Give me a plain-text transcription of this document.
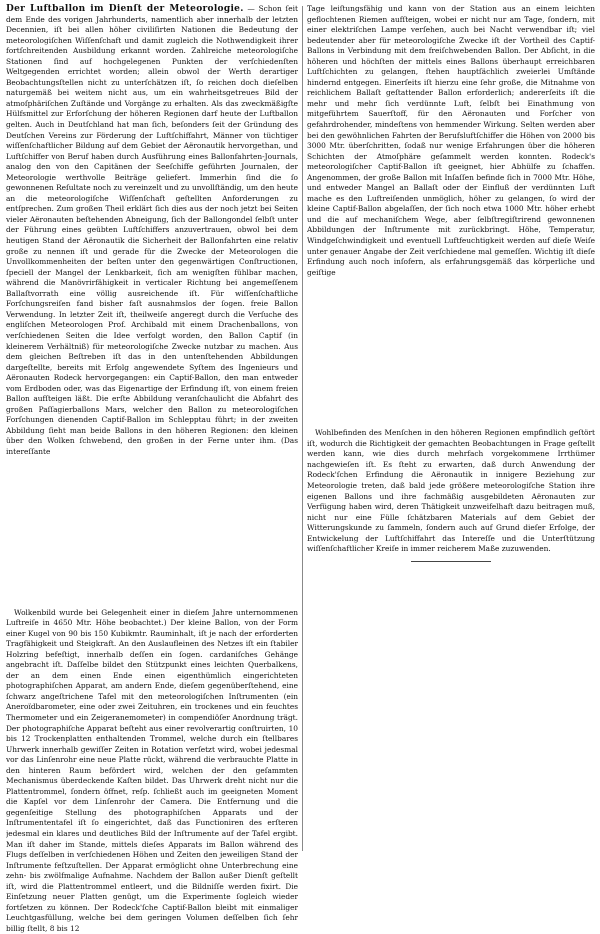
Der Luftballon im Dienſt der Meteorologie. — Schon ſeit dem Ende des vorigen Jahrhunderts, namentlich aber innerhalb der letzten Decennien, iſt bei allen höher civiliſirten Nationen die Bedeutung der meteorologiſchen Wiſſenſchaft und damit zugleich die Nothwendigkeit ihrer fortſchreitenden Ausbildung erkannt worden. Zahlreiche meteorologiſche Stationen ſind auf hochgelegenen Punkten der verſchiedenſten Weltgegenden errichtet worden; allein obwol der Werth derartiger Beobachtungsſtellen nicht zu unterſchätzen iſt, ſo reichen doch dieſelben naturgemäß bei weitem nicht aus, um ein wahrheitsgetreues Bild der atmoſphäriſchen Zuſtände und Vorgänge zu erhalten. Als das zweckmäßigſte Hülfsmittel zur Erforſchung der höheren Regionen darf heute der Luftballon gelten. Auch in Deutſchland hat man ſich, beſonders ſeit der Gründung des Deutſchen Vereins zur Förderung der Luftſchiffahrt, Männer von tüchtiger wiſſenſchaftlicher Bildung auf dem Gebiet der Aëronautik hervorgethan, und Luftſchiffer von Beruf haben durch Ausführung eines Ballonfahrten-Journals, analog den von den Capitänen der Seeſchiffe geführten Journalen, der Meteorologie werthvolle Beiträge geliefert. Immerhin ſind die ſo gewonnenen Reſultate noch zu vereinzelt und zu unvollſtändig, um den heute an die meteorologiſche Wiſſenſchaft geſtellten Anforderungen zu entſprechen. Zum großen Theil erklärt ſich dies aus der noch jetzt bei Seiten vieler Aëronauten beſtehenden Abneigung, ſich der Ballongondel ſelbſt unter der Führung eines geübten Luftſchiffers anzuvertrauen, obwol bei dem heutigen Stand der Aëronautik die Sicherheit der Ballonfahrten eine relativ große zu nennen iſt und gerade für die Zwecke der Meteorologen die Unvollkommenheiten der beſten unter den gegenwärtigen Conſtructionen, ſpeciell der Mangel der Lenkbarkeit, ſich am wenigſten fühlbar machen, während die Manövrirfähigkeit in verticaler Richtung bei angemeſſenem Ballaſtvorrath eine völlig ausreichende iſt. Für wiſſenſchaftliche Forſchungsreiſen fand bisher faſt ausnahmslos der ſogen. freie Ballon Verwendung. In letzter Zeit iſt, theilweiſe angeregt durch die Verſuche des engliſchen Meteorologen Prof. Archibald mit einem Drachenballons, von verſchiedenen Seiten die Idee verfolgt worden, den Ballon Captif (in kleinerem Verhältniß) für meteorologiſche Zwecke nutzbar zu machen. Aus dem gleichen Beſtreben iſt das in den untenſtehenden Abbildungen dargeſtellte, bereits mit Erfolg angewendete Syſtem des Ingenieurs und Aëronauten Rodeck hervorgegangen: ein Captif-Ballon, den man entweder vom Erdboden oder, was das Eigenartige der Erfindung iſt, von einem freien Ballon aufſteigen läßt. Die erſte Abbildung veranſchaulicht die Abfahrt des großen Paſſagierballons Mars, welcher den Ballon zu meteorologiſchen Forſchungen dienenden Captif-Ballon im Schlepptau führt; in der zweiten Abbildung ſieht man beide Ballons in den höheren Regionen: den kleinen über den Wolken ſchwebend, den großen in der Ferne unter ihm. (Das intereſſante
Wolkenbild wurde bei Gelegenheit einer in dieſem Jahre unternommenen Luftreiſe in 4650 Mtr. Höhe beobachtet.) Der kleine Ballon, von der Form einer Kugel von 90 bis 150 Kubikmtr. Rauminhalt, iſt je nach der erforderten Tragfähigkeit und Steigkraft. An den Auslaufleinen des Netzes iſt ein ſtabiler Holzring befeſtigt, innerhalb deſſen ein ſogen. cardaniſches Gehänge angebracht iſt. Daſſelbe bildet den Stützpunkt eines leichten Querbalkens, der an dem einen Ende einen eigenthümlich eingerichteten photographiſchen Apparat, am andern Ende, dieſem gegenüberſtehend, eine ſchwarz angeſtrichene Tafel mit den meteorologiſchen Inſtrumenten (ein Aneroïdbarometer, eine oder zwei Zeituhren, ein trockenes und ein feuchtes Thermometer und ein Zeigeranemometer) in compendiöſer Anordnung trägt. Der photographiſche Apparat beſteht aus einer revolverartig conſtruirten, 10 bis 12 Trockenplatten enthaltenden Trommel, welche durch ein ſtellbares Uhrwerk innerhalb gewiſſer Zeiten in Rotation verſetzt wird, wobei jedesmal vor das Linſenrohr eine neue Platte rückt, während die verbrauchte Platte in den hinteren Raum befördert wird, welchen der den geſammten Mechanismus überdeckende Kaſten bildet. Das Uhrwerk dreht nicht nur die Plattentrommel, ſondern öffnet, reſp. ſchließt auch im geeigneten Moment die Kapſel vor dem Linſenrohr der Camera. Die Entfernung und die gegenſeitige Stellung des photographiſchen Apparats und der Inſtrumententafel iſt ſo eingerichtet, daß das Functioniren des erſteren jedesmal ein klares und deutliches Bild der Inſtrumente auf der Tafel ergibt. Man iſt daher im Stande, mittels dieſes Apparats im Ballon während des Flugs deſſelben in verſchiedenen Höhen und Zeiten den jeweiligen Stand der Inſtrumente feſtzuſtellen. Der Apparat ermöglicht ohne Unterbrechung eine zehn- bis zwölfmalige Aufnahme. Nachdem der Ballon außer Dienſt geſtellt iſt, wird die Plattentrommel entleert, und die Bildniſſe werden fixirt. Die Einſetzung neuer Platten genügt, um die Experimente ſogleich wieder fortſetzen zu können. Der Rodeck'ſche Captif-Ballon bleibt mit einmaliger Leuchtgasfüllung, welche bei dem geringen Volumen deſſelben ſich ſehr billig ſtellt, 8 bis 12
Tage leiſtungsfähig und kann von der Station aus an einem leichten geflochtenen Riemen aufſteigen, wobei er nicht nur am Tage, ſondern, mit einer elektriſchen Lampe verſehen, auch bei Nacht verwendbar iſt; viel bedeutender aber für meteorologiſche Zwecke iſt der Vortheil des Captif-Ballons in Verbindung mit dem freiſchwebenden Ballon. Der Abſicht, in die höheren und höchſten der mittels eines Ballons überhaupt erreichbaren Luftſchichten zu gelangen, ſtehen hauptſächlich zweierlei Umſtände hindernd entgegen. Einerſeits iſt hierzu eine ſehr große, die Mitnahme von reichlichem Ballaſt geſtattender Ballon erforderlich; andererſeits iſt die mehr und mehr ſich verdünnte Luft, ſelbſt bei Einathmung von mitgeführtem Sauerſtoff, für den Aëronauten und Forſcher von gefahrdrohender, mindeſtens von hemmender Wirkung. Selten werden aber bei den gewöhnlichen Fahrten der Berufsluftſchiffer die Höhen von 2000 bis 3000 Mtr. überſchritten, ſodaß nur wenige Erfahrungen über die höheren Schichten der Atmoſphäre geſammelt werden konnten. Rodeck's meteorologiſcher Captif-Ballon iſt geeignet, hier Abhülfe zu ſchaffen. Angenommen, der große Ballon mit Inſaſſen befinde ſich in 7000 Mtr. Höhe, und entweder Mangel an Ballaſt oder der Einfluß der verdünnten Luft mache es den Luftreiſenden unmöglich, höher zu gelangen, ſo wird der kleine Captif-Ballon abgelaſſen, der ſich noch etwa 1000 Mtr. höher erhebt und die auf mechaniſchem Wege, aber ſelbſtregiſtrirend gewonnenen Abbildungen der Inſtrumente mit zurückbringt. Höhe, Temperatur, Windgeſchwindigkeit und eventuell Luftfeuchtigkeit werden auf dieſe Weiſe unter genauer Angabe der Zeit verſchiedene mal gemeſſen. Wichtig iſt dieſe Erfindung auch noch inſofern, als erfahrungsgemäß das körperliche und geiſtige
Wohlbefinden des Menſchen in den höheren Regionen empfindlich geſtört iſt, wodurch die Richtigkeit der gemachten Beobachtungen in Frage geſtellt werden kann, wie dies durch mehrfach vorgekommene Irrthümer nachgewieſen iſt. Es ſteht zu erwarten, daß durch Anwendung der Rodeck'ſchen Erfindung die Aëronautik in innigere Beziehung zur Meteorologie treten, daß bald jede größere meteorologiſche Station ihre eigenen Ballons und ihre fachmäßig ausgebildeten Aëronauten zur Verfügung haben wird, deren Thätigkeit unzweifelhaft dazu beitragen muß, nicht nur eine Fülle ſchätzbaren Materials auf dem Gebiet der Witterungskunde zu ſammeln, ſondern auch auf Grund dieſer Erfolge, der Entwickelung der Luftſchiffahrt das Intereſſe und die Unterſtützung wiſſenſchaftlicher Kreiſe in immer reicherem Maße zuzuwenden.
